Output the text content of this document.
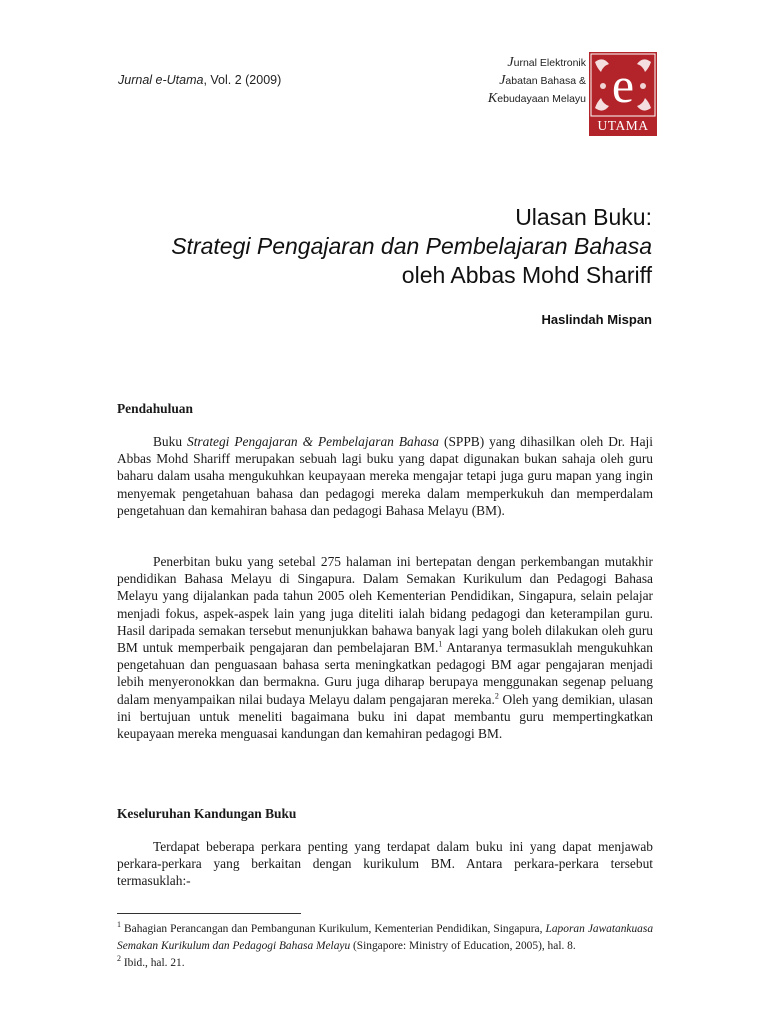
Jurnal e-Utama, Vol. 2 (2009)
Jurnal Elektronik
Jabatan Bahasa &
Kebudayaan Melayu e
UTAMA
Ulasan Buku:
Strategi Pengajaran dan Pembelajaran Bahasa
oleh Abbas Mohd Shariff
Haslindah Mispan
Pendahuluan

Buku Strategi Pengajaran & Pembelajaran Bahasa (SPPB) yang dihasilkan oleh Dr. Haji Abbas Mohd Shariff merupakan sebuah lagi buku yang dapat digunakan bukan sahaja oleh guru baharu dalam usaha mengukuhkan keupayaan mereka mengajar tetapi juga guru mapan yang ingin menyemak pengetahuan bahasa dan pedagogi mereka dalam memperkukuh dan memperdalam pengetahuan dan kemahiran bahasa dan pedagogi Bahasa Melayu (BM).

Penerbitan buku yang setebal 275 halaman ini bertepatan dengan perkembangan mutakhir pendidikan Bahasa Melayu di Singapura. Dalam Semakan Kurikulum dan Pedagogi Bahasa Melayu yang dijalankan pada tahun 2005 oleh Kementerian Pendidikan, Singapura, selain pelajar menjadi fokus, aspek-aspek lain yang juga diteliti ialah bidang pedagogi dan keterampilan guru. Hasil daripada semakan tersebut menunjukkan bahawa banyak lagi yang boleh dilakukan oleh guru BM untuk memperbaik pengajaran dan pembelajaran BM.$^1$ Antaranya termasuklah mengukuhkan pengetahuan dan penguasaan bahasa serta meningkatkan pedagogi BM agar pengajaran menjadi lebih menyeronokkan dan bermakna. Guru juga diharap berupaya menggunakan segenap peluang dalam menyampaikan nilai budaya Melayu dalam pengajaran mereka.$^2$ Oleh yang demikian, ulasan ini bertujuan untuk meneliti bagaimana buku ini dapat membantu guru mempertingkatkan keupayaan mereka menguasai kandungan dan kemahiran pedagogi BM.

Keseluruhan Kandungan Buku

Terdapat beberapa perkara penting yang terdapat dalam buku ini yang dapat menjawab perkara-perkara yang berkaitan dengan kurikulum BM. Antara perkara-perkara tersebut termasuklah:-

$^1$ Bahagian Perancangan dan Pembangunan Kurikulum, Kementerian Pendidikan, Singapura, Laporan Jawatankuasa Semakan Kurikulum dan Pedagogi Bahasa Melayu (Singapore: Ministry of Education, 2005), hal. 8.

$^2$ Ibid., hal. 21.
